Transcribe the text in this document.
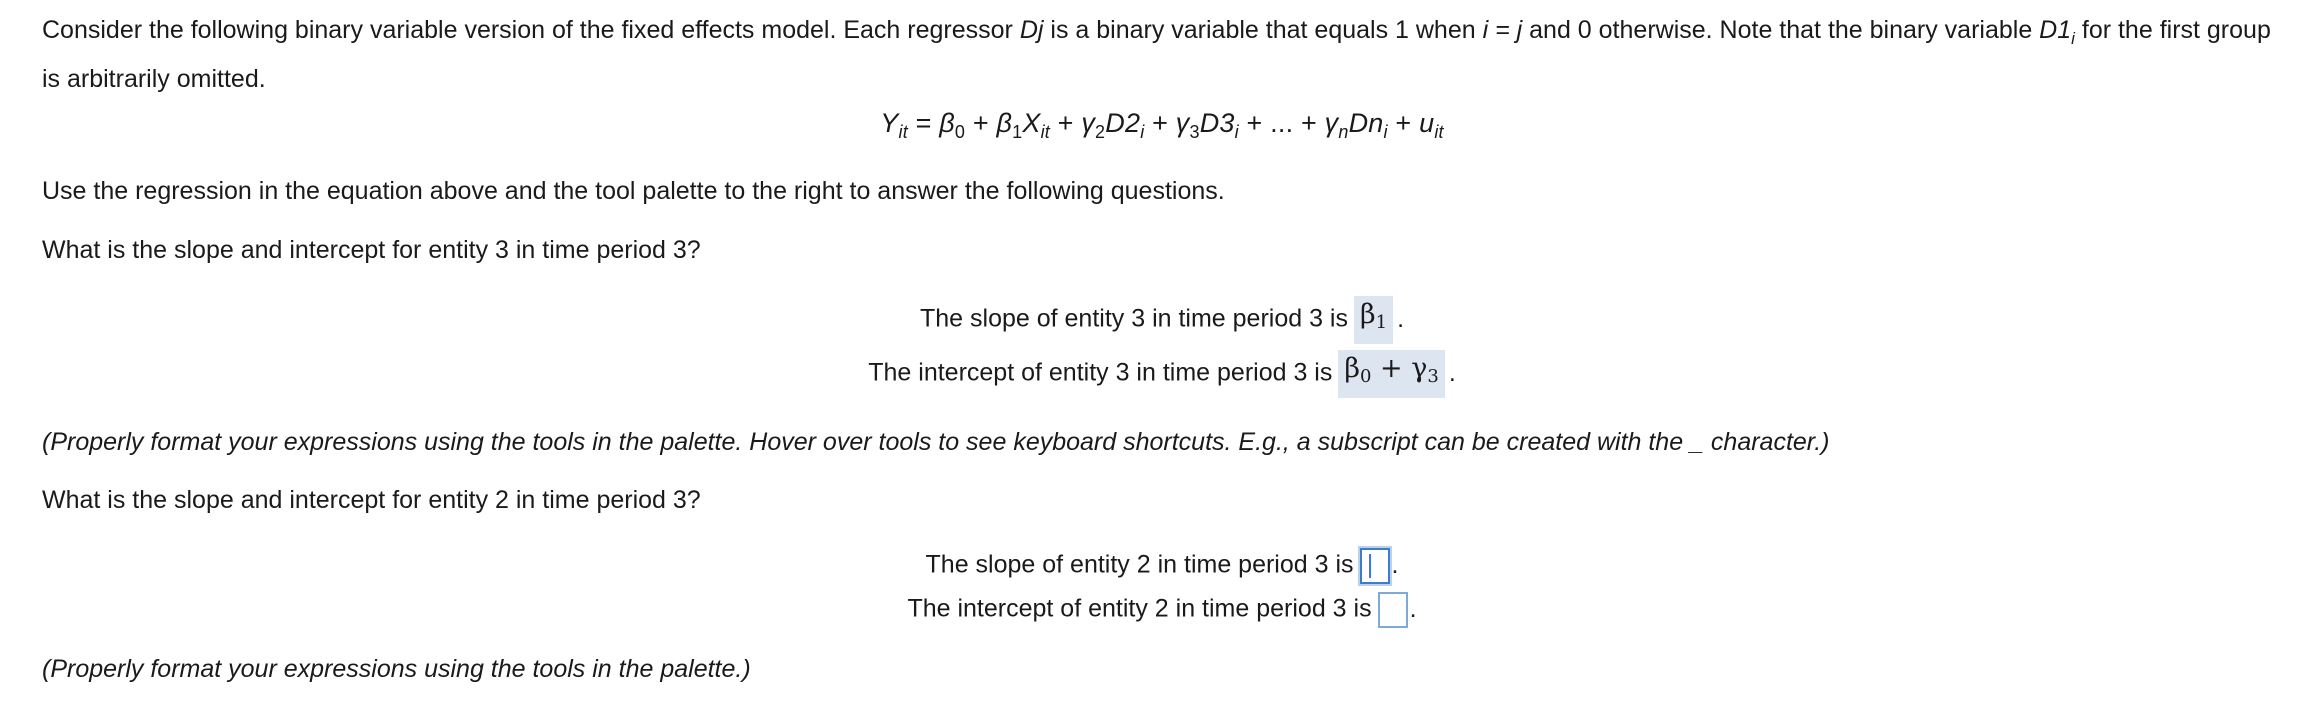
Consider the following binary variable version of the fixed effects model. Each regressor Dj is a binary variable that equals 1 when i = j and 0 otherwise. Note that the binary variable $D1_i$ for the first group is arbitrarily omitted.

$Y_{it} = \beta_0 + \beta_1X_{it} + \gamma_2D2_i + \gamma_3D3_i$ + ... + $\gamma_nDn_i + u_{it}$

Use the regression in the equation above and the tool palette to the right to answer the following questions.

What is the slope and intercept for entity 3 in time period 3?

The slope of entity 3 in time period 3 is $\beta_1$ .
The intercept of entity 3 in time period 3 is $\beta_0 + \gamma_3$ .

(Properly format your expressions using the tools in the palette. Hover over tools to see keyboard shortcuts. E.g., a subscript can be created with the _ character.)

What is the slope and intercept for entity 2 in time period 3?

The slope of entity 2 in time period 3 is .
The intercept of entity 2 in time period 3 is .

(Properly format your expressions using the tools in the palette.)
